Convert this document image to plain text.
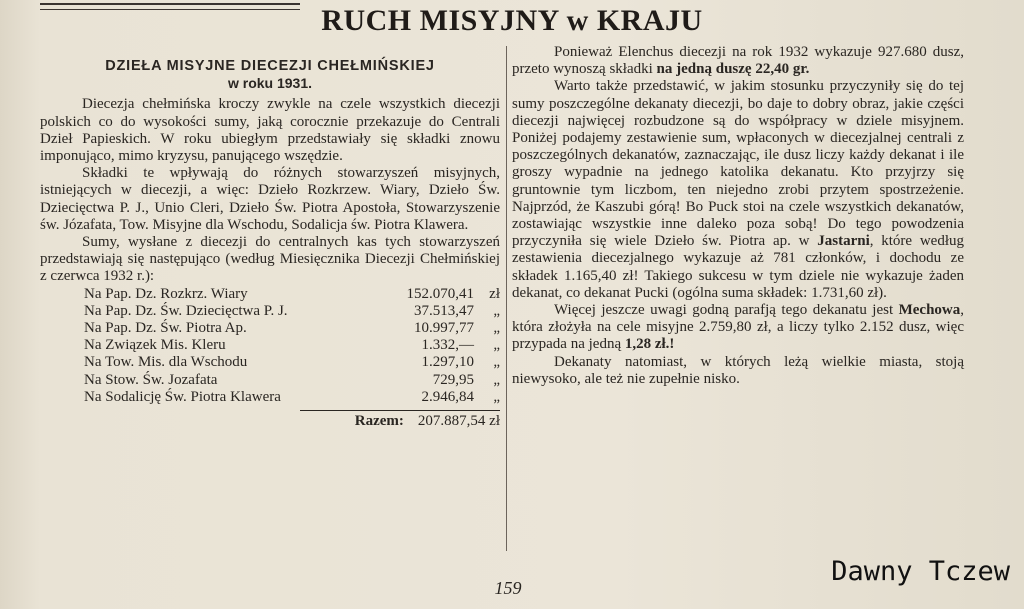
RUCH MISYJNY w KRAJU
DZIEŁA MISYJNE DIECEZJI CHEŁMIŃSKIEJ
w roku 1931.

Diecezja chełmińska kroczy zwykle na czele wszystkich diecezji polskich co do wysokości sumy, jaką corocznie przekazuje do Centrali Dzieł Papieskich. W roku ubiegłym przedstawiały się składki znowu imponująco, mimo kryzysu, panującego wszędzie.

Składki te wpływają do różnych stowarzyszeń misyjnych, istniejących w diecezji, a więc: Dzieło Rozkrzew. Wiary, Dzieło Św. Dziecięctwa P. J., Unio Cleri, Dzieło Św. Piotra Apostoła, Stowarzyszenie św. Józafata, Tow. Misyjne dla Wschodu, Sodalicja św. Piotra Klawera.

Sumy, wysłane z diecezji do centralnych kas tych stowarzyszeń przedstawiają się następująco (według Miesięcznika Diecezji Chełmińskiej z czerwca 1932 r.):

Na Pap. Dz. Rozkrz. Wiary	152.070,41 zł
Na Pap. Dz. Św. Dziecięctwa P. J.	37.513,47 „
Na Pap. Dz. Św. Piotra Ap.	10.997,77 „
Na Związek Mis. Kleru	1.332,— „
Na Tow. Mis. dla Wschodu	1.297,10 „
Na Stow. Św. Jozafata	729,95 „
Na Sodalicję Św. Piotra Klawera	2.946,84 „
Razem: 207.887,54 zł

Ponieważ Elenchus diecezji na rok 1932 wykazuje 927.680 dusz, przeto wynoszą składki na jedną duszę 22,40 gr.

Warto także przedstawić, w jakim stosunku przyczyniły się do tej sumy poszczególne dekanaty diecezji, bo daje to dobry obraz, jakie części diecezji najwięcej rozbudzone są do współpracy w dziele misyjnem. Poniżej podajemy zestawienie sum, wpłaconych w diecezjalnej centrali z poszczególnych dekanatów, zaznaczając, ile dusz liczy każdy dekanat i ile groszy wypadnie na jednego katolika dekanatu. Kto przyjrzy się gruntownie tym liczbom, ten niejedno zrobi przytem spostrzeżenie. Najprzód, że Kaszubi górą! Bo Puck stoi na czele wszystkich dekanatów, zostawiając wszystkie inne daleko poza sobą! Do tego powodzenia przyczyniła się wiele Dzieło św. Piotra ap. w Jastarni, które według zestawienia diecezjalnego wykazuje aż 781 członków, i dochodu ze składek 1.165,40 zł! Takiego sukcesu w tym dziele nie wykazuje żaden dekanat, co dekanat Pucki (ogólna suma składek: 1.731,60 zł).

Więcej jeszcze uwagi godną parafją tego dekanatu jest Mechowa, która złożyła na cele misyjne 2.759,80 zł, a liczy tylko 2.152 dusz, więc przypada na jedną 1,28 zł.!

Dekanaty natomiast, w których leżą wielkie miasta, stoją niewysoko, ale też nie zupełnie nisko.

159
Dawny Tczew
